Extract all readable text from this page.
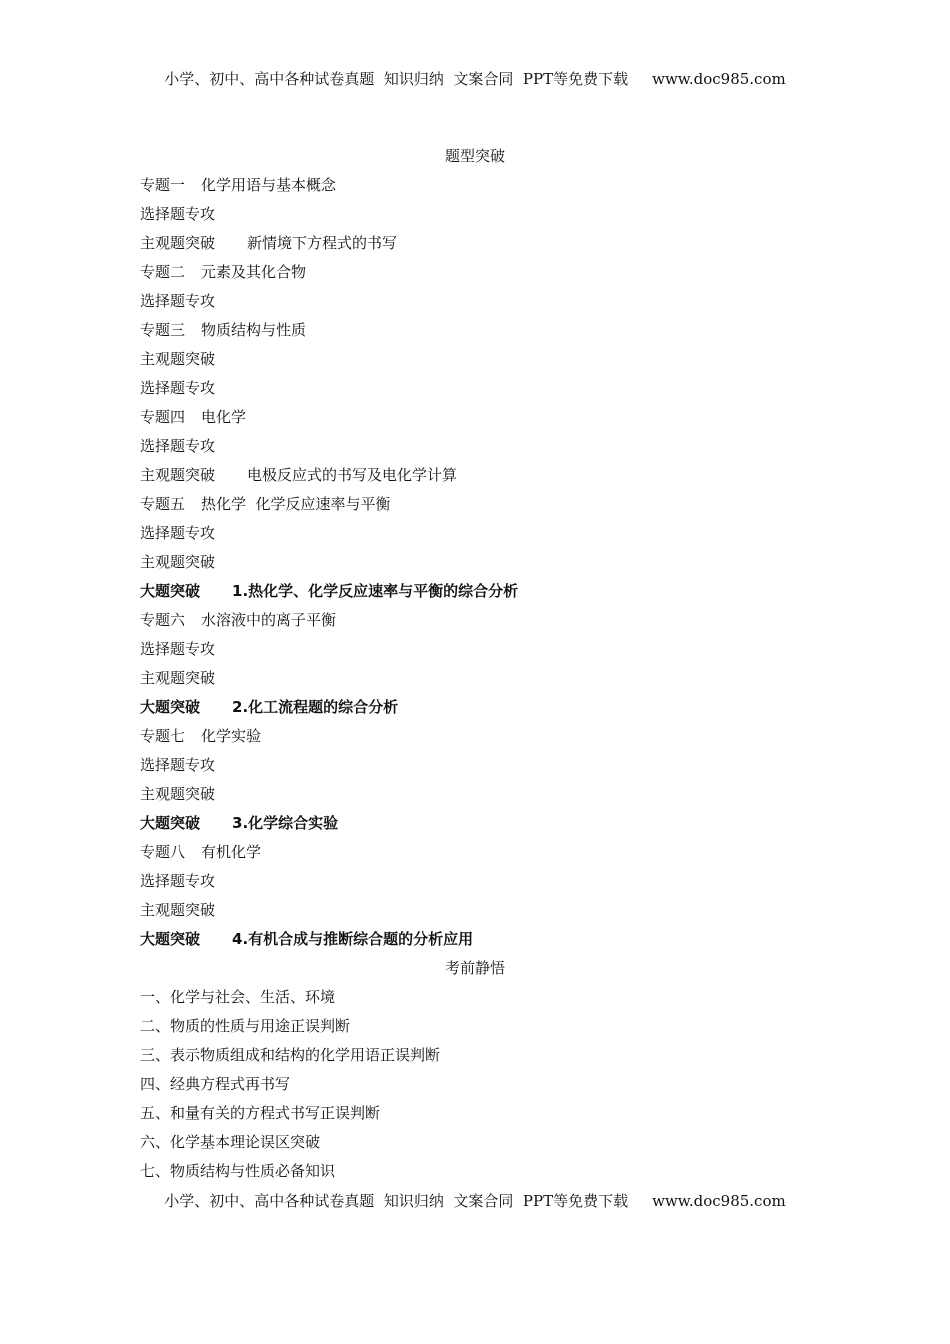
小学、初中、高中各种试卷真题  知识归纳  文案合同  PPT等免费下载 www.doc985.com
题型突破
专题一 化学用语与基本概念
选择题专攻
主观题突破 新情境下方程式的书写
专题二 元素及其化合物
选择题专攻
专题三 物质结构与性质
主观题突破
选择题专攻
专题四 电化学
选择题专攻
主观题突破 电极反应式的书写及电化学计算
专题五 热化学  化学反应速率与平衡
选择题专攻
主观题突破
大题突破 1.热化学、化学反应速率与平衡的综合分析
专题六 水溶液中的离子平衡
选择题专攻
主观题突破
大题突破 2.化工流程题的综合分析
专题七 化学实验
选择题专攻
主观题突破
大题突破 3.化学综合实验
专题八 有机化学
选择题专攻
主观题突破
大题突破 4.有机合成与推断综合题的分析应用
考前静悟
一、化学与社会、生活、环境
二、物质的性质与用途正误判断
三、表示物质组成和结构的化学用语正误判断
四、经典方程式再书写
五、和量有关的方程式书写正误判断
六、化学基本理论误区突破
七、物质结构与性质必备知识
小学、初中、高中各种试卷真题  知识归纳  文案合同  PPT等免费下载 www.doc985.com
